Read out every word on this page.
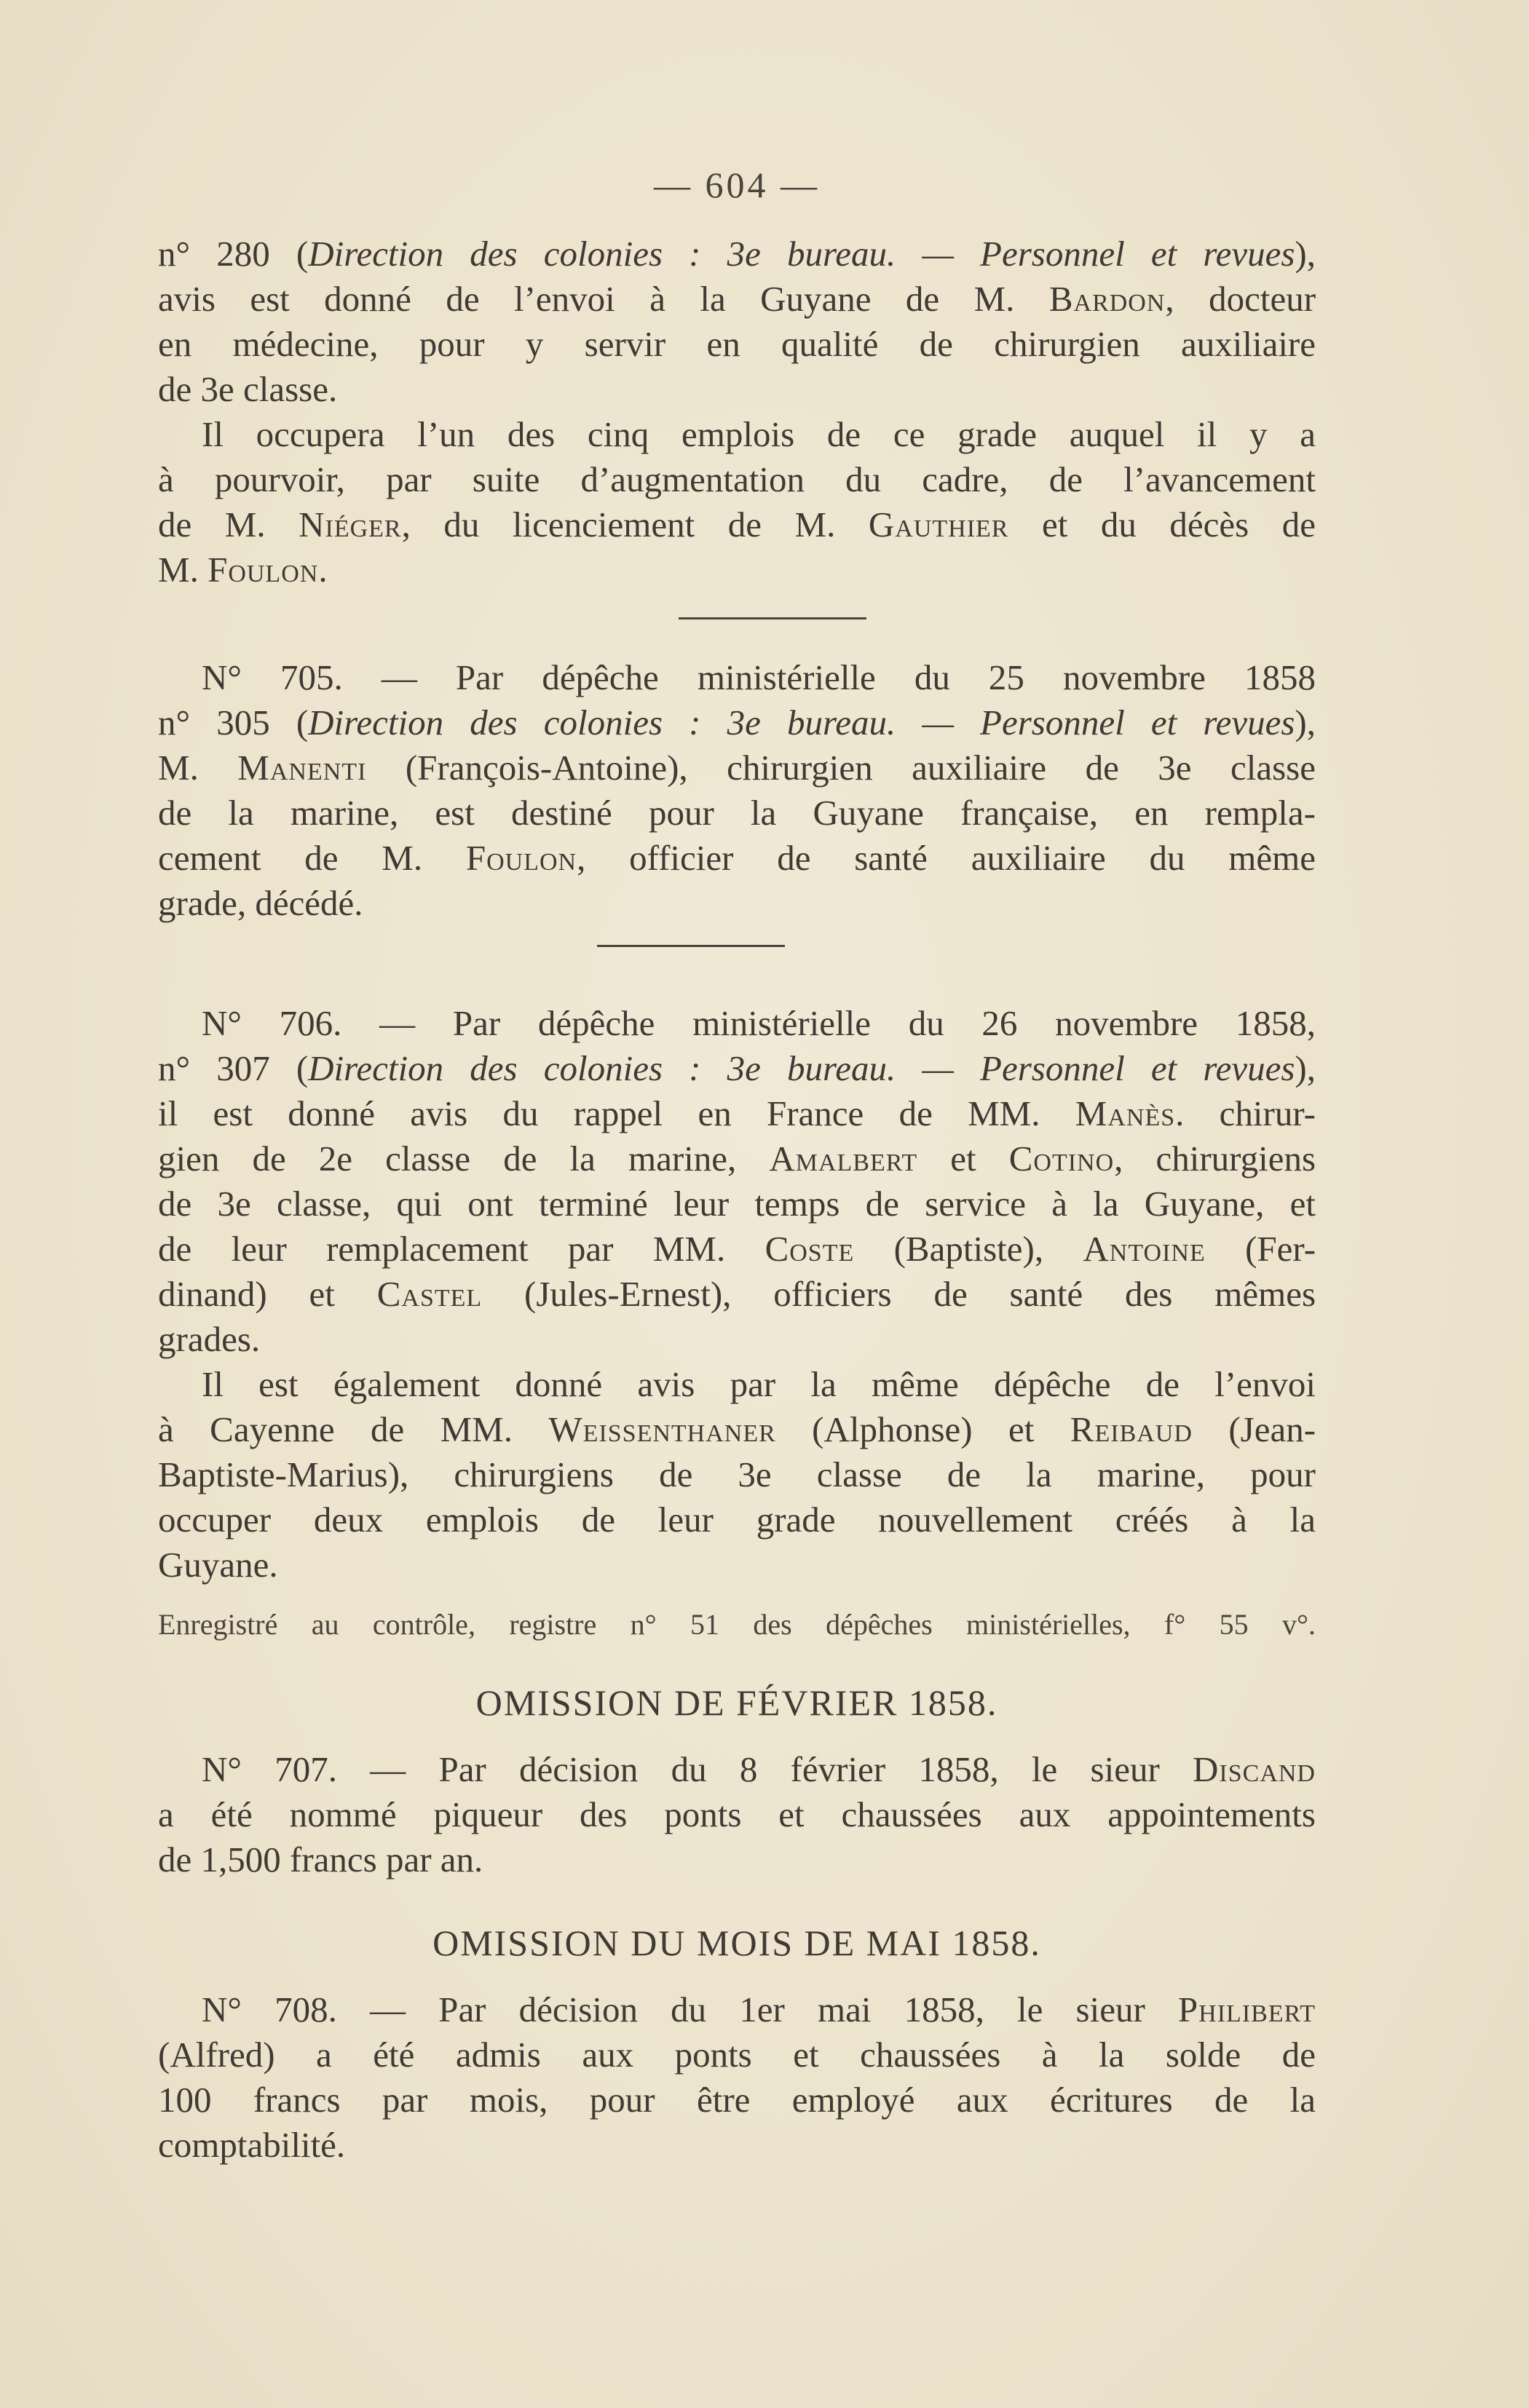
— 604 —

n° 280 (Direction des colonies : 3e bureau. — Personnel et revues),

avis est donné de l’envoi à la Guyane de M. Bardon, docteur

en médecine, pour y servir en qualité de chirurgien auxiliaire

de 3e classe.

Il occupera l’un des cinq emplois de ce grade auquel il y a

à pourvoir, par suite d’augmentation du cadre, de l’avancement

de M. Niéger, du licenciement de M. Gauthier et du décès de

M. Foulon.

N° 705. — Par dépêche ministérielle du 25 novembre 1858

n° 305 (Direction des colonies : 3e bureau. — Personnel et revues),

M. Manenti (François-Antoine), chirurgien auxiliaire de 3e classe

de la marine, est destiné pour la Guyane française, en rempla-

cement de M. Foulon, officier de santé auxiliaire du même

grade, décédé.

N° 706. — Par dépêche ministérielle du 26 novembre 1858,

n° 307 (Direction des colonies : 3e bureau. — Personnel et revues),

il est donné avis du rappel en France de MM. Manès. chirur-

gien de 2e classe de la marine, Amalbert et Cotino, chirurgiens

de 3e classe, qui ont terminé leur temps de service à la Guyane, et

de leur remplacement par MM. Coste (Baptiste), Antoine (Fer-

dinand) et Castel (Jules-Ernest), officiers de santé des mêmes

grades.

Il est également donné avis par la même dépêche de l’envoi

à Cayenne de MM. Weissenthaner (Alphonse) et Reibaud (Jean-

Baptiste-Marius), chirurgiens de 3e classe de la marine, pour

occuper deux emplois de leur grade nouvellement créés à la

Guyane.

Enregistré au contrôle, registre n° 51 des dépêches ministérielles, f° 55 v°.
OMISSION DE FÉVRIER 1858.

N° 707. — Par décision du 8 février 1858, le sieur Discand

a été nommé piqueur des ponts et chaussées aux appointements

de 1,500 francs par an.

OMISSION DU MOIS DE MAI 1858.

N° 708. — Par décision du 1er mai 1858, le sieur Philibert

(Alfred) a été admis aux ponts et chaussées à la solde de

100 francs par mois, pour être employé aux écritures de la

comptabilité.
